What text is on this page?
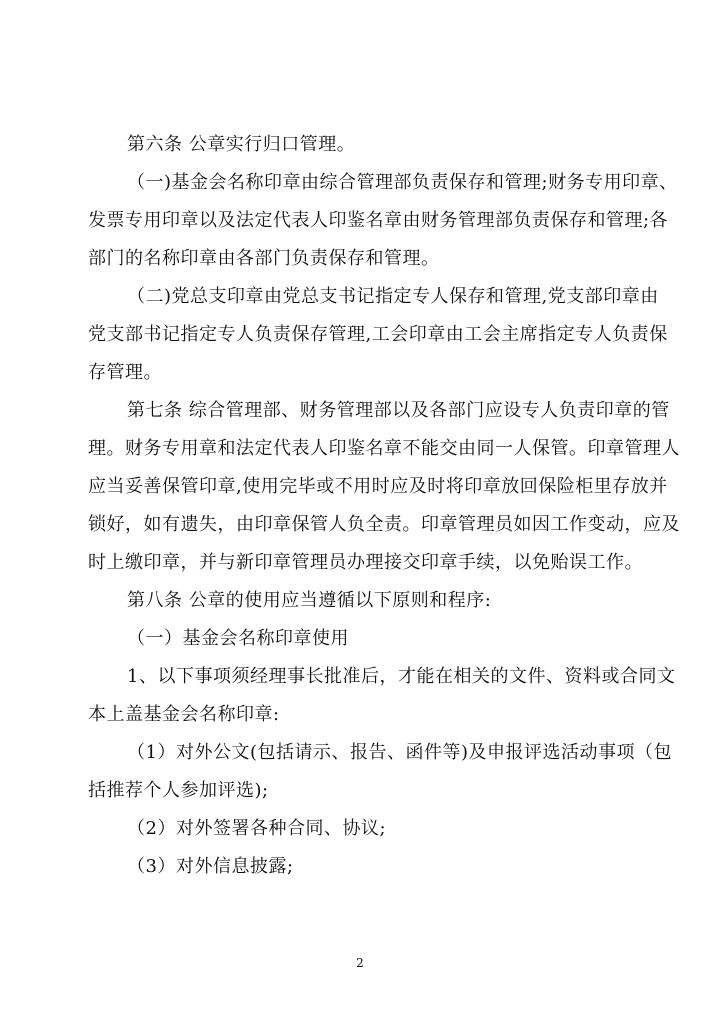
第六条 公章实行归口管理。
（一)基金会名称印章由综合管理部负责保存和管理;财务专用印章、
发票专用印章以及法定代表人印鉴名章由财务管理部负责保存和管理;各
部门的名称印章由各部门负责保存和管理。
（二)党总支印章由党总支书记指定专人保存和管理,党支部印章由
党支部书记指定专人负责保存管理,工会印章由工会主席指定专人负责保
存管理。
第七条 综合管理部、财务管理部以及各部门应设专人负责印章的管
理。财务专用章和法定代表人印鉴名章不能交由同一人保管。印章管理人
应当妥善保管印章,使用完毕或不用时应及时将印章放回保险柜里存放并
锁好，如有遗失，由印章保管人负全责。印章管理员如因工作变动，应及
时上缴印章，并与新印章管理员办理接交印章手续，以免贻误工作。
第八条 公章的使用应当遵循以下原则和程序:
（一）基金会名称印章使用
1、以下事项须经理事长批准后，才能在相关的文件、资料或合同文
本上盖基金会名称印章:
（1）对外公文(包括请示、报告、函件等)及申报评选活动事项（包
括推荐个人参加评选);
（2）对外签署各种合同、协议;
（3）对外信息披露;
2
